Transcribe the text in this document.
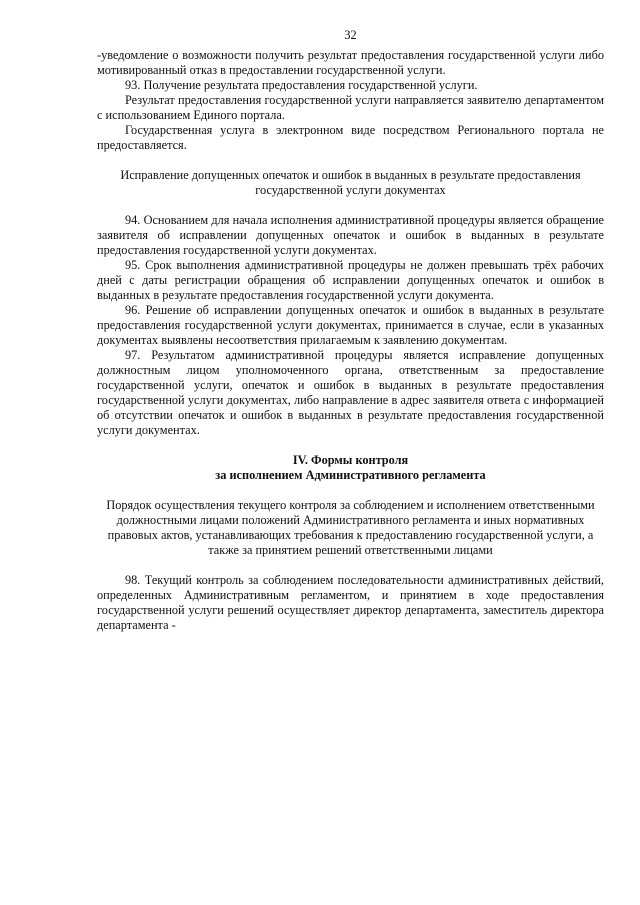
32

-уведомление о возможности получить результат предоставления государственной услуги либо мотивированный отказ в предоставлении государственной услуги.

93. Получение результата предоставления государственной услуги.

Результат предоставления государственной услуги направляется заявителю департаментом с использованием Единого портала.

Государственная услуга в электронном виде посредством Регионального портала не предоставляется.

Исправление допущенных опечаток и ошибок в выданных в результате предоставления государственной услуги документах

94. Основанием для начала исполнения административной процедуры является обращение заявителя об исправлении допущенных опечаток и ошибок в выданных в результате предоставления государственной услуги документах.

95. Срок выполнения административной процедуры не должен превышать трёх рабочих дней с даты регистрации обращения об исправлении допущенных опечаток и ошибок в выданных в результате предоставления государственной услуги документа.

96. Решение об исправлении допущенных опечаток и ошибок в выданных в результате предоставления государственной услуги документах, принимается в случае, если в указанных документах выявлены несоответствия прилагаемым к заявлению документам.

97. Результатом административной процедуры является исправление допущенных должностным лицом уполномоченного органа, ответственным за предоставление государственной услуги, опечаток и ошибок в выданных в результате предоставления государственной услуги документах, либо направление в адрес заявителя ответа с информацией об отсутствии опечаток и ошибок в выданных в результате предоставления государственной услуги документах.

IV. Формы контроля
за исполнением Административного регламента
Порядок осуществления текущего контроля за соблюдением и исполнением ответственными должностными лицами положений Административного регламента и иных нормативных правовых актов, устанавливающих требования к предоставлению государственной услуги, а также за принятием решений ответственными лицами

98. Текущий контроль за соблюдением последовательности административных действий, определенных Административным регламентом, и принятием в ходе предоставления государственной услуги решений осуществляет директор департамента, заместитель директора департамента -
